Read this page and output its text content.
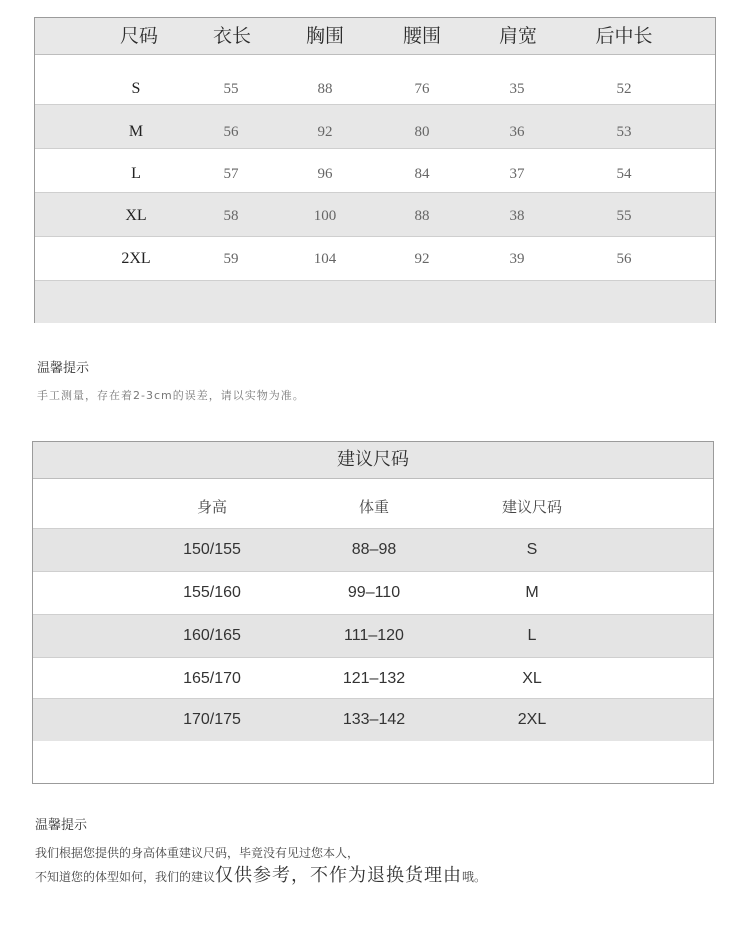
尺码	衣长	胸围	腰围	肩宽	后中长
S	55	88	76	35	52
M	56	92	80	36	53
L	57	96	84	37	54
XL	58	100	88	38	55
2XL	59	104	92	39	56
温馨提示
手工测量，存在着2-3cm的误差，请以实物为准。
建议尺码
身高	体重	建议尺码
150/155	88–98	S
155/160	99–110	M
160/165	111–120	L
165/170	121–132	XL
170/175	133–142	2XL
温馨提示
我们根据您提供的身高体重建议尺码，毕竟没有见过您本人，
不知道您的体型如何，我们的建议仅供参考，不作为退换货理由哦。
